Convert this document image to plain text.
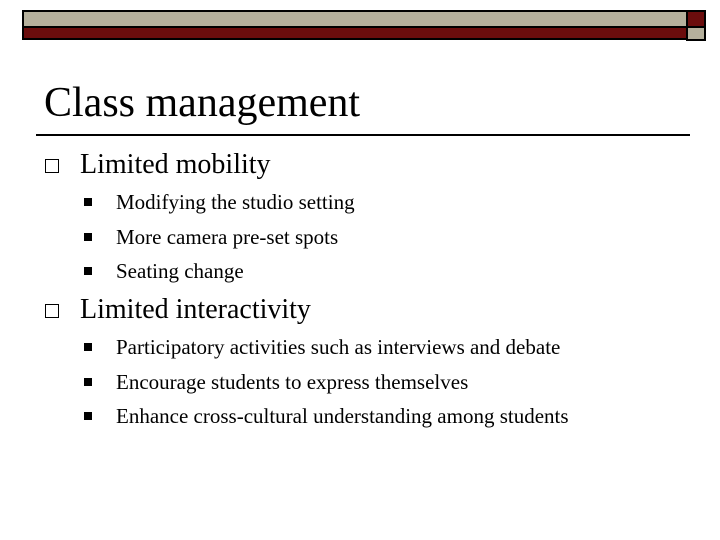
Class management
Limited mobility
Modifying the studio setting
More camera pre-set spots
Seating change
Limited interactivity
Participatory activities such as interviews and debate
Encourage students to express themselves
Enhance cross-cultural understanding among students
